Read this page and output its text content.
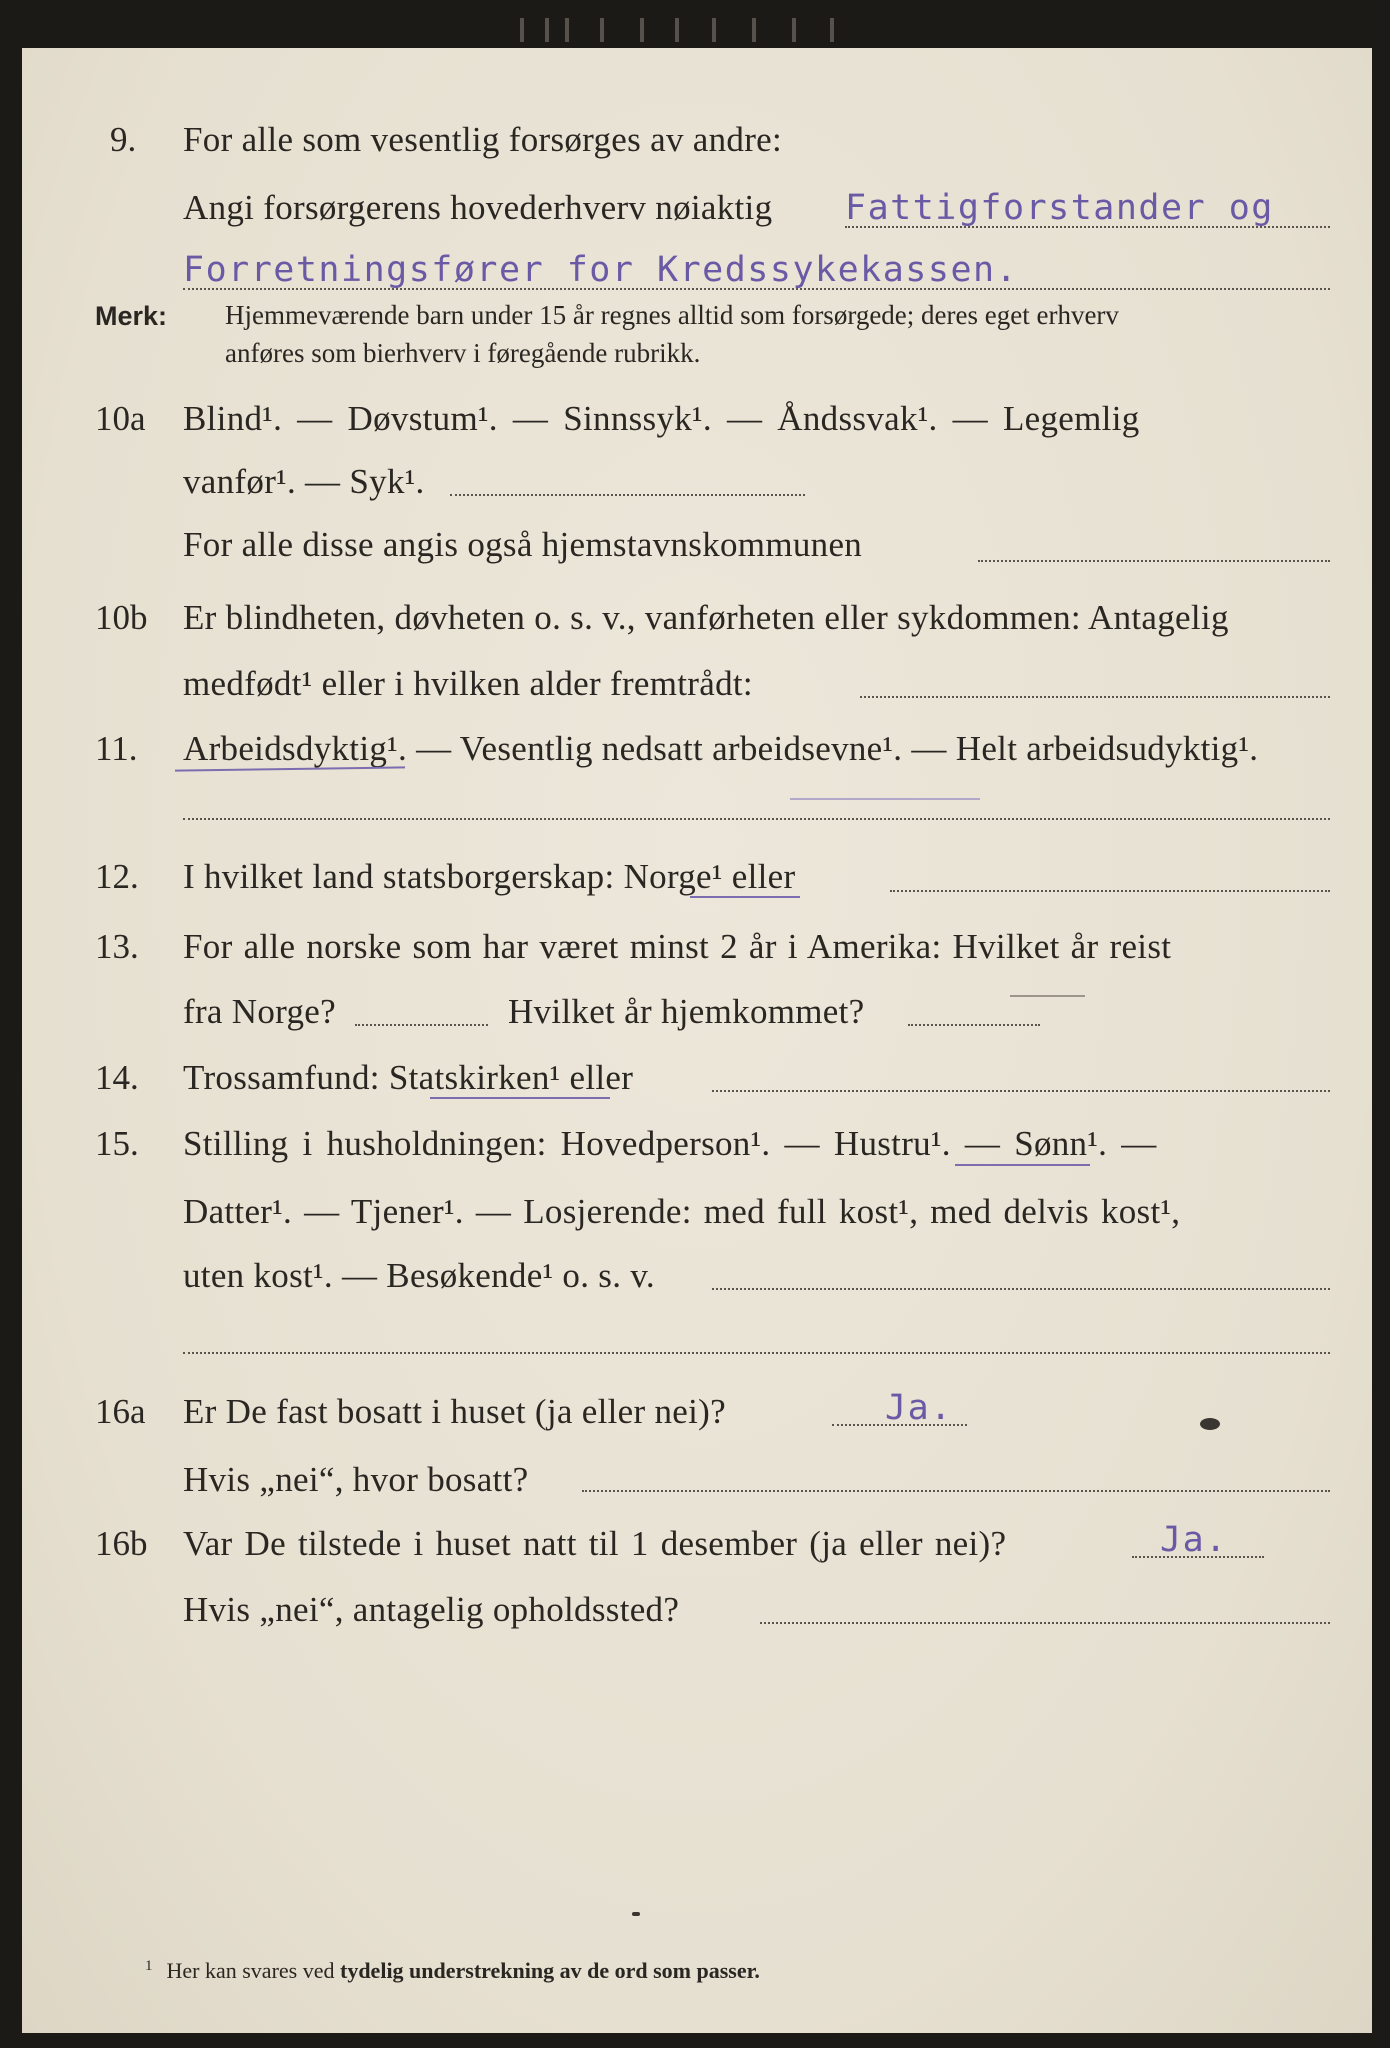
9. For alle som vesentlig forsørges av andre:
Angi forsørgerens hovederhverv nøiaktig Fattigforstander og
Forretningsfører for Kredssykekassen.
Merk: Hjemmeværende barn under 15 år regnes alltid som forsørgede; deres eget erhverv
anføres som bierhverv i føregående rubrikk.
10a Blind¹. — Døvstum¹. — Sinnssyk¹. — Åndssvak¹. — Legemlig
vanfør¹. — Syk¹.
For alle disse angis også hjemstavnskommunen
10b Er blindheten, døvheten o. s. v., vanførheten eller sykdommen: Antagelig
medfødt¹ eller i hvilken alder fremtrådt:
11. Arbeidsdyktig¹. — Vesentlig nedsatt arbeidsevne¹. — Helt arbeidsudyktig¹.
12. I hvilket land statsborgerskap: Norge¹ eller
13. For alle norske som har været minst 2 år i Amerika: Hvilket år reist
fra Norge?	Hvilket år hjemkommet?
14. Trossamfund: Statskirken¹ eller
15. Stilling i husholdningen: Hovedperson¹. — Hustru¹. — Sønn¹. —
Datter¹. — Tjener¹. — Losjerende: med full kost¹, med delvis kost¹,
uten kost¹. — Besøkende¹ o. s. v.
16a Er De fast bosatt i huset (ja eller nei)?	Ja.
Hvis „nei“, hvor bosatt?
16b Var De tilstede i huset natt til 1 desember (ja eller nei)?	Ja.
Hvis „nei“, antagelig opholdssted?
$^1$ Her kan svares ved tydelig understrekning av de ord som passer.
